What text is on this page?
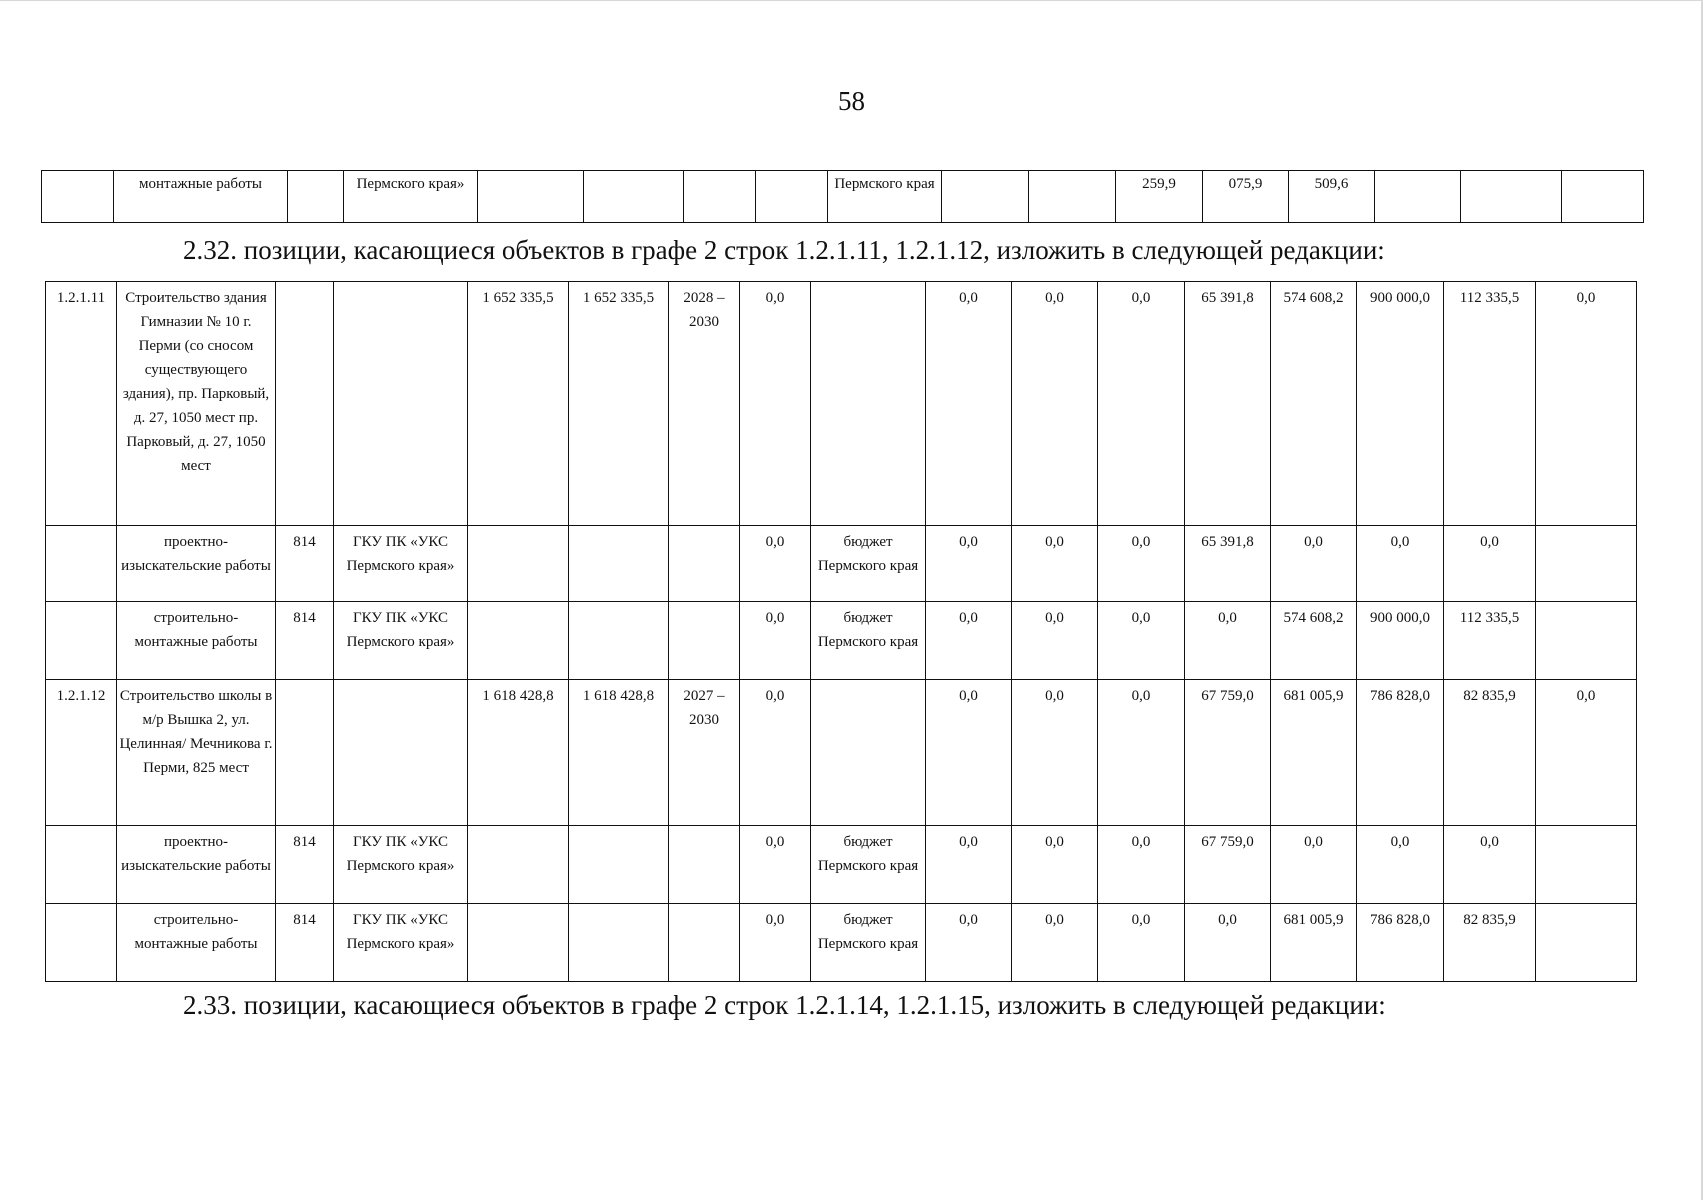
58
	монтажные работы		Пермского края»					Пермского края			259,9	075,9	509,6			
2.32. позиции, касающиеся объектов в графе 2 строк 1.2.1.11, 1.2.1.12, изложить в следующей редакции:
1.2.1.11	Строительство здания Гимназии № 10 г. Перми (со сносом существующего здания), пр. Парковый, д. 27, 1050 мест пр. Парковый, д. 27, 1050 мест			1 652 335,5	1 652 335,5	2028 – 2030	0,0		0,0	0,0	0,0	65 391,8	574 608,2	900 000,0	112 335,5	0,0
	проектно-изыскательские работы	814	ГКУ ПК «УКС Пермского края»				0,0	бюджет Пермского края	0,0	0,0	0,0	65 391,8	0,0	0,0	0,0	
	строительно-монтажные работы	814	ГКУ ПК «УКС Пермского края»				0,0	бюджет Пермского края	0,0	0,0	0,0	0,0	574 608,2	900 000,0	112 335,5	
1.2.1.12	Строительство школы в м/р Вышка 2, ул. Целинная/ Мечникова г. Перми, 825 мест			1 618 428,8	1 618 428,8	2027 – 2030	0,0		0,0	0,0	0,0	67 759,0	681 005,9	786 828,0	82 835,9	0,0
	проектно-изыскательские работы	814	ГКУ ПК «УКС Пермского края»				0,0	бюджет Пермского края	0,0	0,0	0,0	67 759,0	0,0	0,0	0,0	
	строительно-монтажные работы	814	ГКУ ПК «УКС Пермского края»				0,0	бюджет Пермского края	0,0	0,0	0,0	0,0	681 005,9	786 828,0	82 835,9	
2.33. позиции, касающиеся объектов в графе 2 строк 1.2.1.14, 1.2.1.15, изложить в следующей редакции:
